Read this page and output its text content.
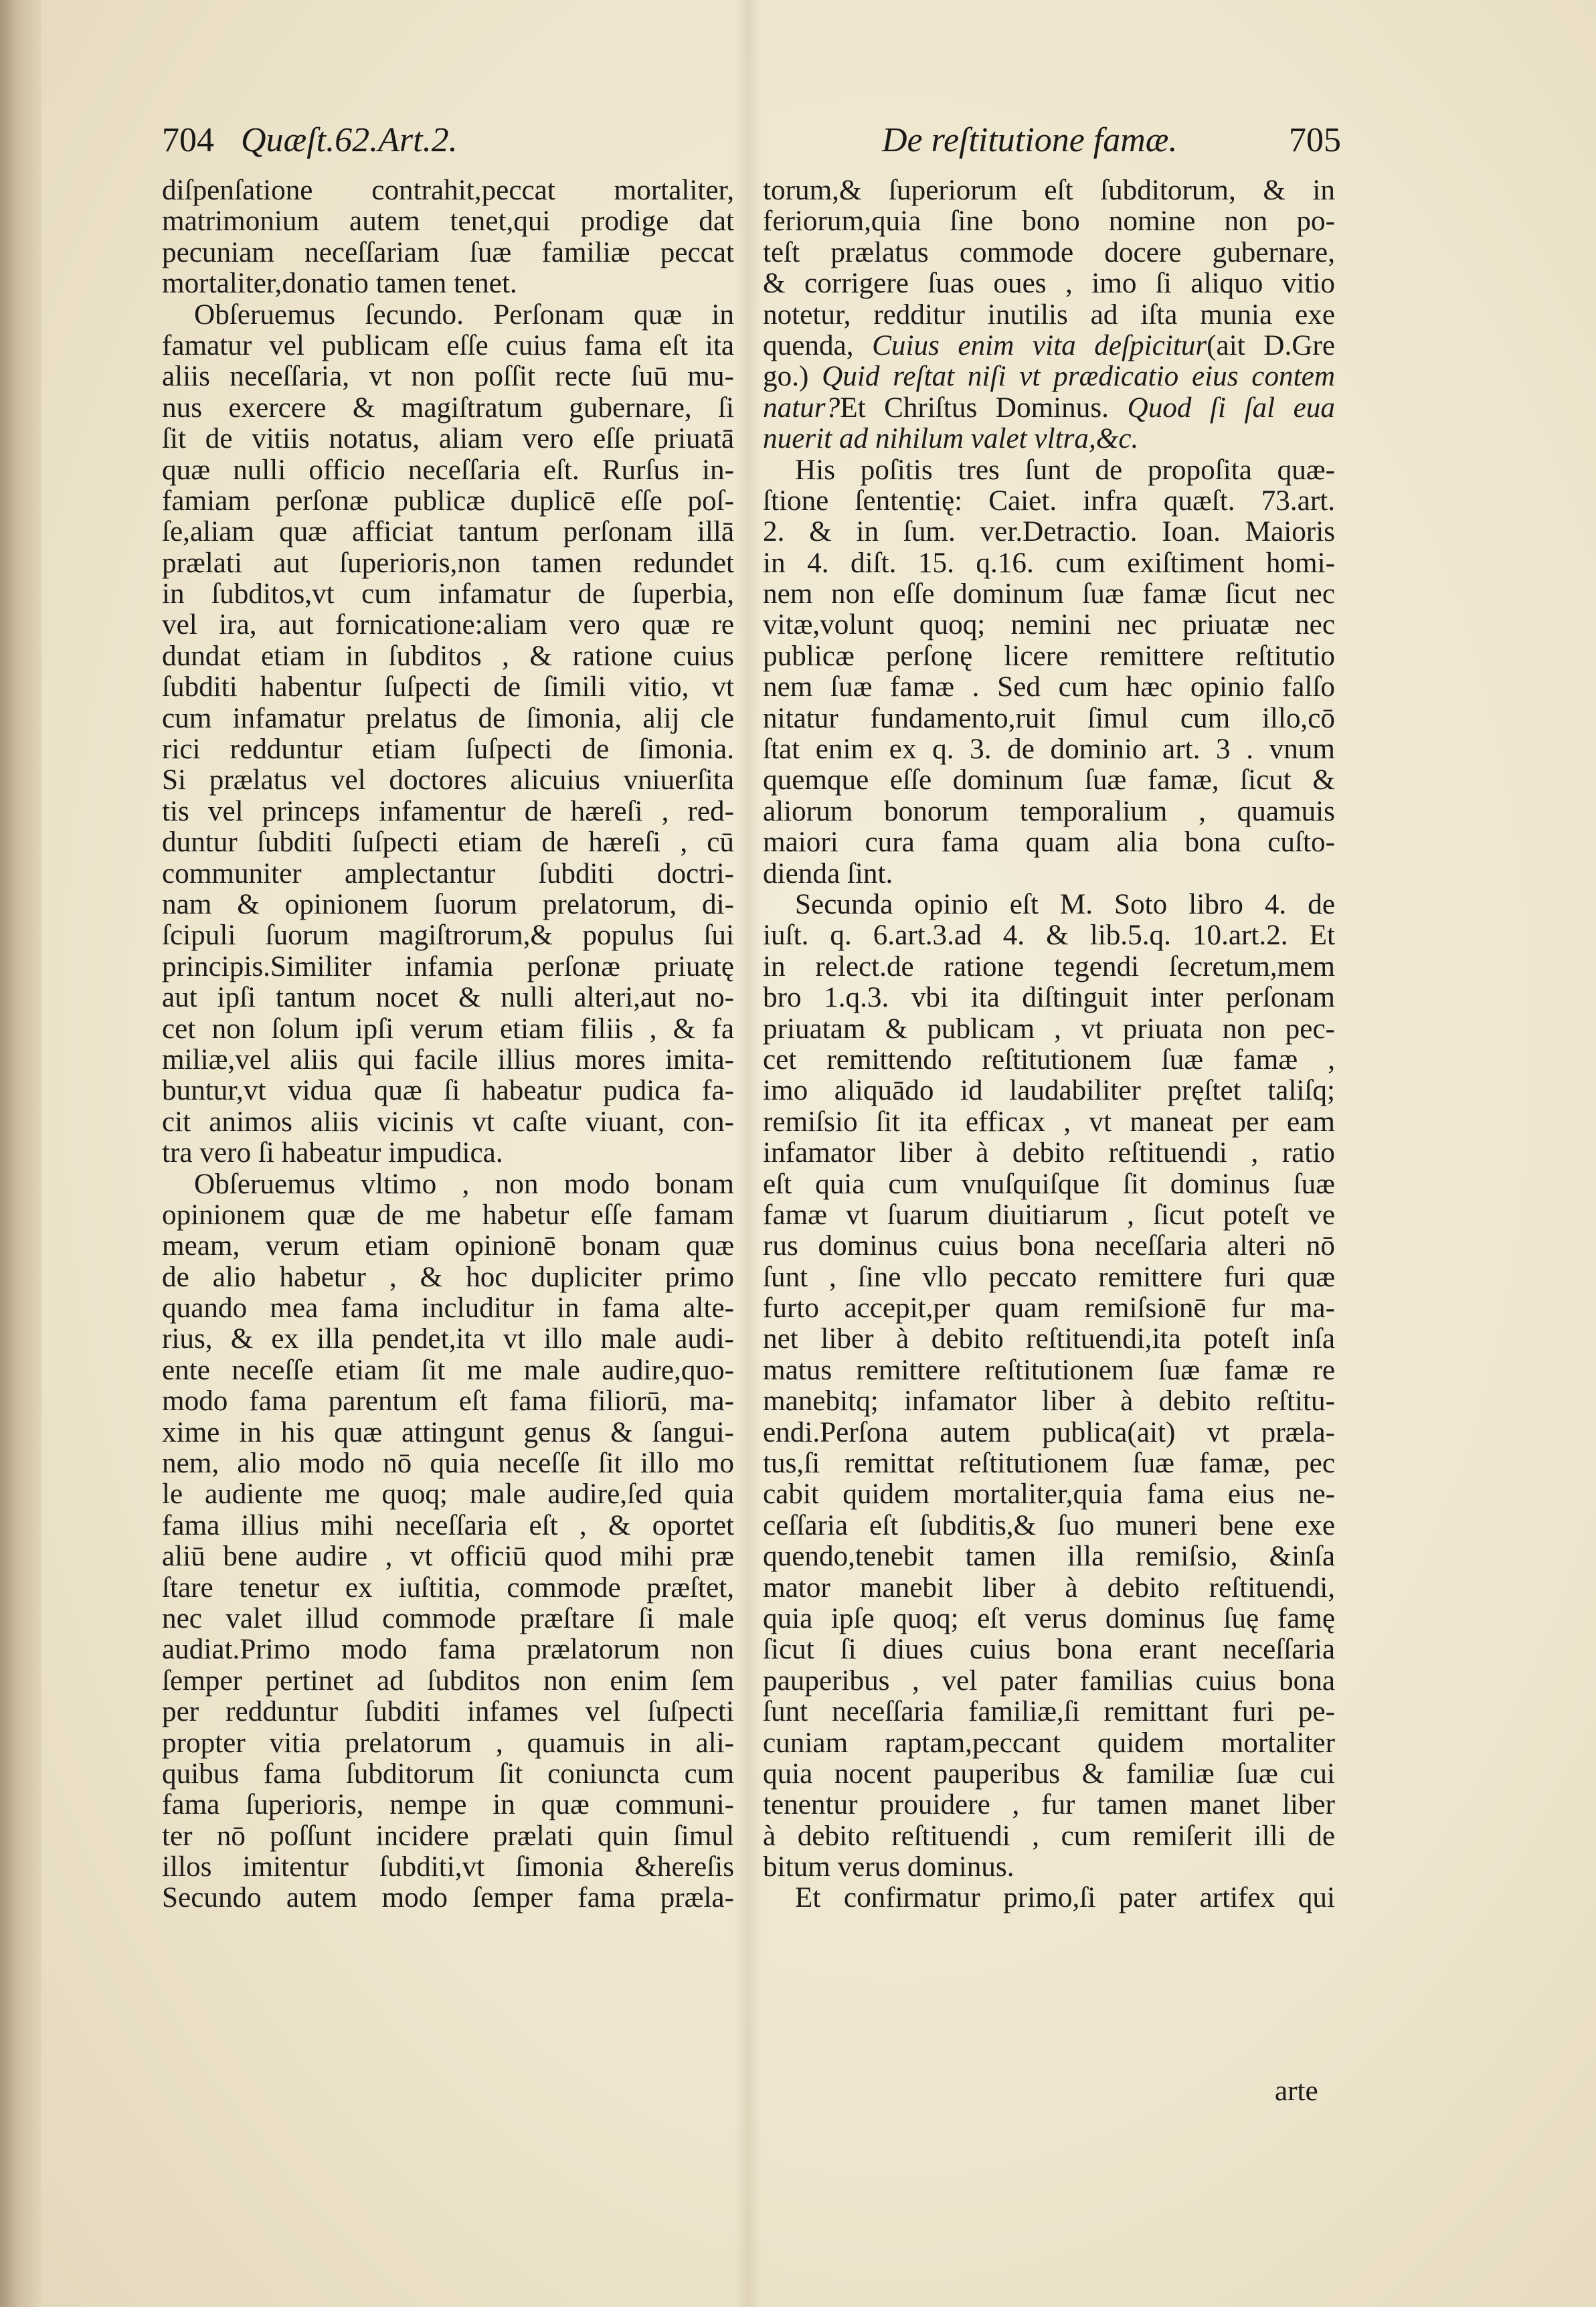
704 Quæſt.62.Art.2.	De reſtitutione famæ.	705

diſpenſatione contrahit,peccat mortaliter,

matrimonium autem tenet,qui prodige dat

pecuniam neceſſariam ſuæ familiæ peccat

mortaliter,donatio tamen tenet.

Obſeruemus ſecundo. Perſonam quæ in

famatur vel publicam eſſe cuius fama eſt ita

aliis neceſſaria, vt non poſſit recte ſuū mu-

nus exercere & magiſtratum gubernare, ſi

ſit de vitiis notatus, aliam vero eſſe priuatā

quæ nulli officio neceſſaria eſt. Rurſus in-

famiam perſonæ publicæ duplicē eſſe poſ-

ſe,aliam quæ afficiat tantum perſonam illā

prælati aut ſuperioris,non tamen redundet

in ſubditos,vt cum infamatur de ſuperbia,

vel ira, aut fornicatione:aliam vero quæ re

dundat etiam in ſubditos , & ratione cuius

ſubditi habentur ſuſpecti de ſimili vitio, vt

cum infamatur prelatus de ſimonia, alij cle

rici redduntur etiam ſuſpecti de ſimonia.

Si prælatus vel doctores alicuius vniuerſita

tis vel princeps infamentur de hæreſi , red-

duntur ſubditi ſuſpecti etiam de hæreſi , cū

communiter amplectantur ſubditi doctri-

nam & opinionem ſuorum prelatorum, di-

ſcipuli ſuorum magiſtrorum,& populus ſui

principis.Similiter infamia perſonæ priuatę

aut ipſi tantum nocet & nulli alteri,aut no-

cet non ſolum ipſi verum etiam filiis , & fa

miliæ,vel aliis qui facile illius mores imita-

buntur,vt vidua quæ ſi habeatur pudica fa-

cit animos aliis vicinis vt caſte viuant, con-

tra vero ſi habeatur impudica.

Obſeruemus vltimo , non modo bonam

opinionem quæ de me habetur eſſe famam

meam, verum etiam opinionē bonam quæ

de alio habetur , & hoc dupliciter primo

quando mea fama includitur in fama alte-

rius, & ex illa pendet,ita vt illo male audi-

ente neceſſe etiam ſit me male audire,quo-

modo fama parentum eſt fama filiorū, ma-

xime in his quæ attingunt genus & ſangui-

nem, alio modo nō quia neceſſe ſit illo mo

le audiente me quoq; male audire,ſed quia

fama illius mihi neceſſaria eſt , & oportet

aliū bene audire , vt officiū quod mihi præ

ſtare tenetur ex iuſtitia, commode præſtet,

nec valet illud commode præſtare ſi male

audiat.Primo modo fama prælatorum non

ſemper pertinet ad ſubditos non enim ſem

per redduntur ſubditi infames vel ſuſpecti

propter vitia prelatorum , quamuis in ali-

quibus fama ſubditorum ſit coniuncta cum

fama ſuperioris, nempe in quæ communi-

ter nō poſſunt incidere prælati quin ſimul

illos imitentur ſubditi,vt ſimonia &hereſis

Secundo autem modo ſemper fama præla-

torum,& ſuperiorum eſt ſubditorum, & in

feriorum,quia ſine bono nomine non po-

teſt prælatus commode docere gubernare,

& corrigere ſuas oues , imo ſi aliquo vitio

notetur, redditur inutilis ad iſta munia exe

quenda, Cuius enim vita deſpicitur(ait D.Gre

go.) Quid reſtat niſi vt prædicatio eius contem

natur?Et Chriſtus Dominus. Quod ſi ſal eua

nuerit ad nihilum valet vltra,&c.

His poſitis tres ſunt de propoſita quæ-

ſtione ſententię: Caiet. infra quæſt. 73.art.

2. & in ſum. ver.Detractio. Ioan. Maioris

in 4. diſt. 15. q.16. cum exiſtiment homi-

nem non eſſe dominum ſuæ famæ ſicut nec

vitæ,volunt quoq; nemini nec priuatæ nec

publicæ perſonę licere remittere reſtitutio

nem ſuæ famæ . Sed cum hæc opinio falſo

nitatur fundamento,ruit ſimul cum illo,cō

ſtat enim ex q. 3. de dominio art. 3 . vnum

quemque eſſe dominum ſuæ famæ, ſicut &

aliorum bonorum temporalium , quamuis

maiori cura fama quam alia bona cuſto-

dienda ſint.

Secunda opinio eſt M. Soto libro 4. de

iuſt. q. 6.art.3.ad 4. & lib.5.q. 10.art.2. Et

in relect.de ratione tegendi ſecretum,mem

bro 1.q.3. vbi ita diſtinguit inter perſonam

priuatam & publicam , vt priuata non pec-

cet remittendo reſtitutionem ſuæ famæ ,

imo aliquādo id laudabiliter pręſtet taliſq;

remiſsio ſit ita efficax , vt maneat per eam

infamator liber à debito reſtituendi , ratio

eſt quia cum vnuſquiſque ſit dominus ſuæ

famæ vt ſuarum diuitiarum , ſicut poteſt ve

rus dominus cuius bona neceſſaria alteri nō

ſunt , ſine vllo peccato remittere furi quæ

furto accepit,per quam remiſsionē fur ma-

net liber à debito reſtituendi,ita poteſt inſa

matus remittere reſtitutionem ſuæ famæ re

manebitq; infamator liber à debito reſtitu-

endi.Perſona autem publica(ait) vt præla-

tus,ſi remittat reſtitutionem ſuæ famæ, pec

cabit quidem mortaliter,quia fama eius ne-

ceſſaria eſt ſubditis,& ſuo muneri bene exe

quendo,tenebit tamen illa remiſsio, &inſa

mator manebit liber à debito reſtituendi,

quia ipſe quoq; eſt verus dominus ſuę famę

ſicut ſi diues cuius bona erant neceſſaria

pauperibus , vel pater familias cuius bona

ſunt neceſſaria familiæ,ſi remittant furi pe-

cuniam raptam,peccant quidem mortaliter

quia nocent pauperibus & familiæ ſuæ cui

tenentur prouidere , fur tamen manet liber

à debito reſtituendi , cum remiſerit illi de

bitum verus dominus.

Et confirmatur primo,ſi pater artifex qui

arte
